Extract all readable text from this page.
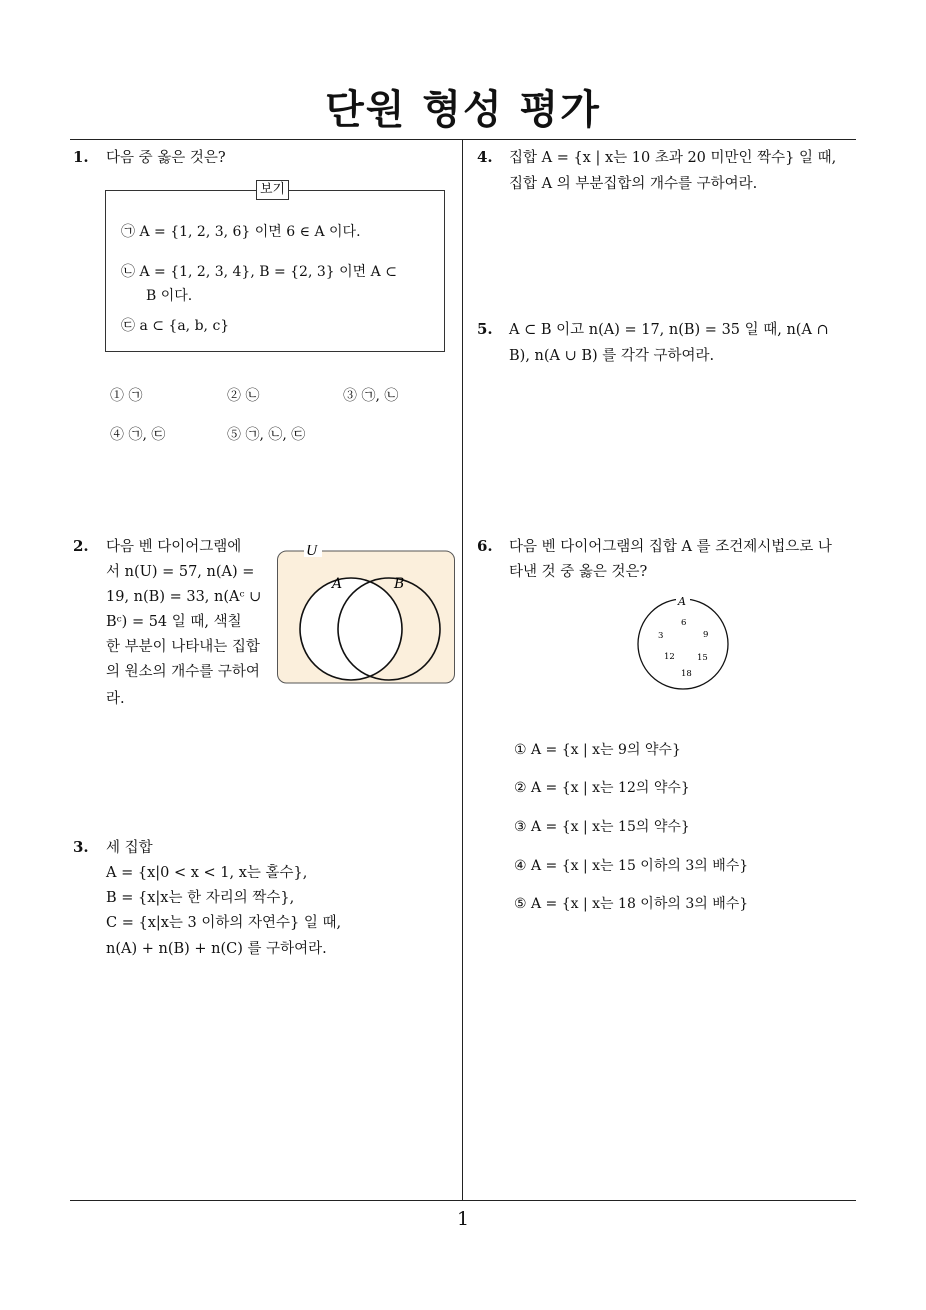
단원 형성 평가
1
1. 다음 중 옳은 것은?
보기
㉠ A = {1, 2, 3, 6} 이면 6 ∈ A 이다.
㉡ A = {1, 2, 3, 4}, B = {2, 3} 이면 A ⊂
B 이다.
㉢ a ⊂ {a, b, c}
① ㉠	② ㉡	③ ㉠, ㉡
④ ㉠, ㉢	⑤ ㉠, ㉡, ㉢
2. 다음 벤 다이어그램에
서 n(U) = 57, n(A) =
19, n(B) = 33, n(Aᶜ ∪
Bᶜ) = 54 일 때, 색칠
한 부분이 나타내는 집합
의 원소의 개수를 구하여
라.
U
A	B
3. 세 집합
A = {x|0 < x < 1, x는 홀수},
B = {x|x는 한 자리의 짝수},
C = {x|x는 3 이하의 자연수} 일 때,
n(A) + n(B) + n(C) 를 구하여라.
4. 집합 A = {x | x는 10 초과 20 미만인 짝수} 일 때,
집합 A 의 부분집합의 개수를 구하여라.
5. A ⊂ B 이고 n(A) = 17, n(B) = 35 일 때, n(A ∩
B), n(A ∪ B) 를 각각 구하여라.
6. 다음 벤 다이어그램의 집합 A 를 조건제시법으로 나
타낸 것 중 옳은 것은?
A
3
6
9
12	15
18
① A = {x | x는 9의 약수}
② A = {x | x는 12의 약수}
③ A = {x | x는 15의 약수}
④ A = {x | x는 15 이하의 3의 배수}
⑤ A = {x | x는 18 이하의 3의 배수}
